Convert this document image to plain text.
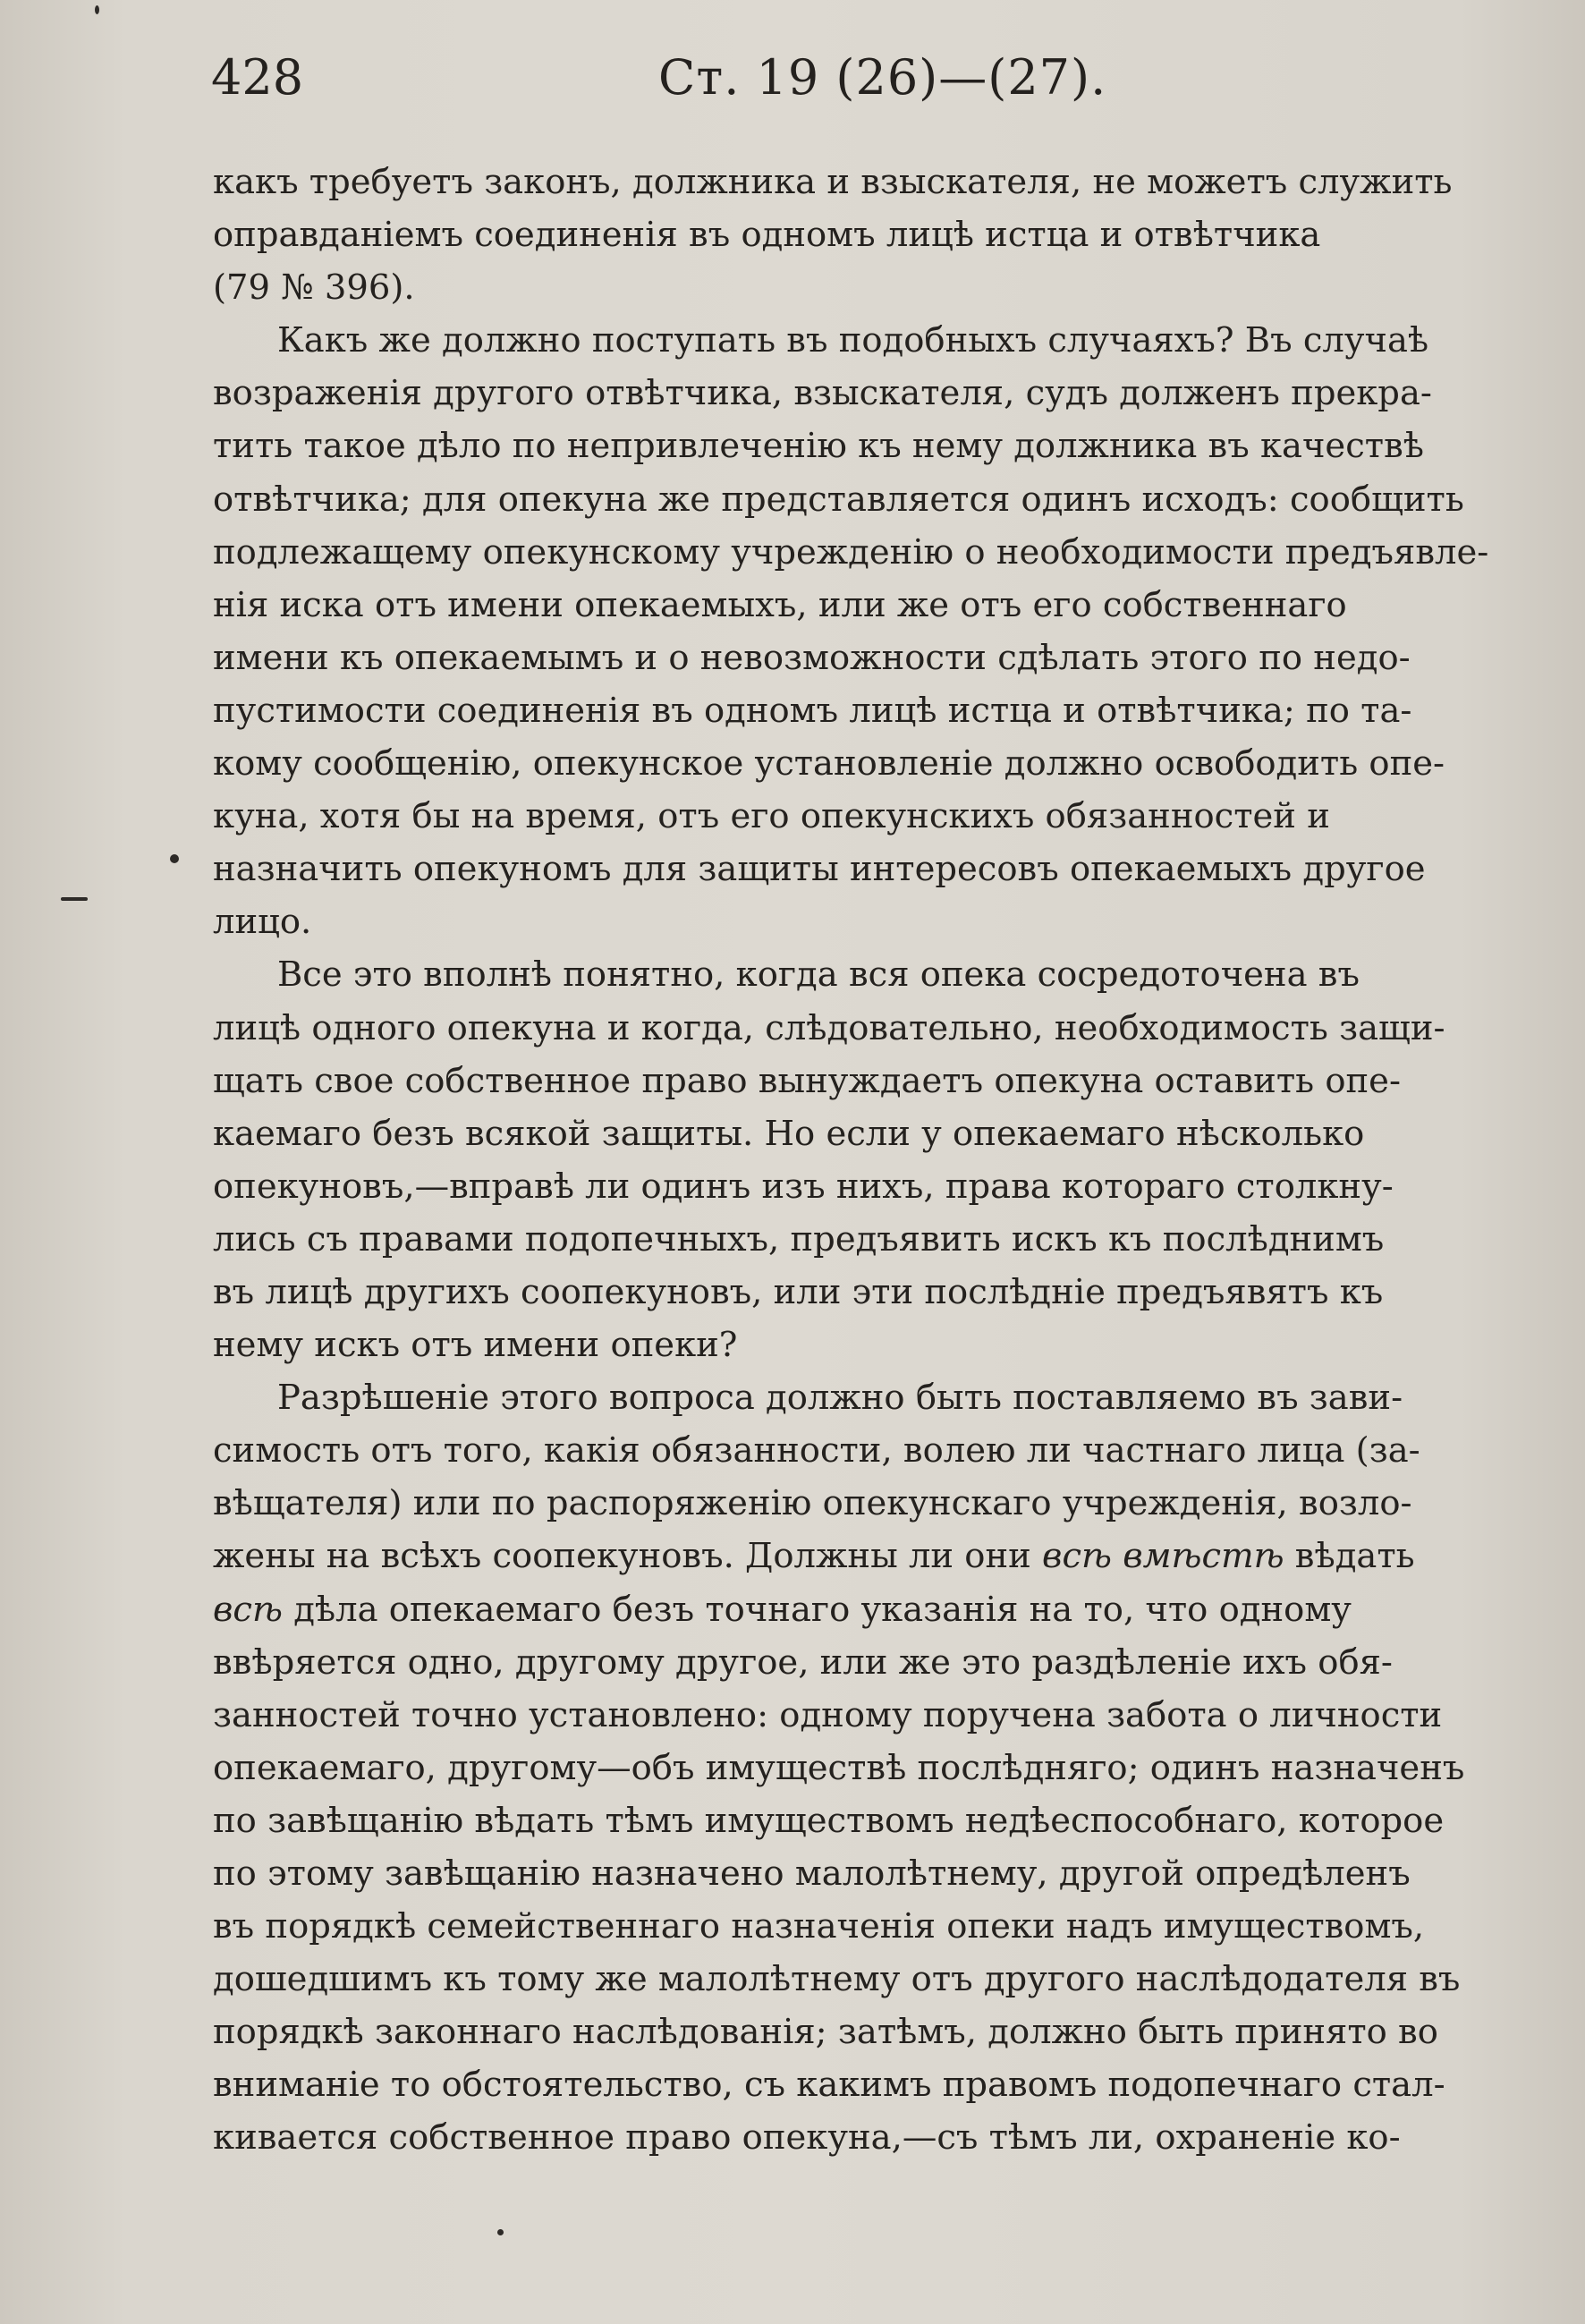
428	Ст. 19 (26)—(27).

какъ требуетъ законъ, должника и взыскателя, не можетъ служить
оправданіемъ соединенія въ одномъ лицѣ истца и отвѣтчика
(79 № 396).

Какъ же должно поступать въ подобныхъ случаяхъ? Въ случаѣ
возраженія другого отвѣтчика, взыскателя, судъ долженъ прекра-
тить такое дѣло по непривлеченію къ нему должника въ качествѣ
отвѣтчика; для опекуна же представляется одинъ исходъ: сообщить
подлежащему опекунскому учрежденію о необходимости предъявле-
нія иска отъ имени опекаемыхъ, или же отъ его собственнаго
имени къ опекаемымъ и о невозможности сдѣлать этого по недо-
пустимости соединенія въ одномъ лицѣ истца и отвѣтчика; по та-
кому сообщенію, опекунское установленіе должно освободить опе-
куна, хотя бы на время, отъ его опекунскихъ обязанностей и
назначить опекуномъ для защиты интересовъ опекаемыхъ другое
лицо.

Все это вполнѣ понятно, когда вся опека сосредоточена въ
лицѣ одного опекуна и когда, слѣдовательно, необходимость защи-
щать свое собственное право вынуждаетъ опекуна оставить опе-
каемаго безъ всякой защиты. Но если у опекаемаго нѣсколько
опекуновъ,—вправѣ ли одинъ изъ нихъ, права котораго столкну-
лись съ правами подопечныхъ, предъявить искъ къ послѣднимъ
въ лицѣ другихъ соопекуновъ, или эти послѣдніе предъявятъ къ
нему искъ отъ имени опеки?

Разрѣшеніе этого вопроса должно быть поставляемо въ зави-
симость отъ того, какія обязанности, волею ли частнаго лица (за-
вѣщателя) или по распоряженію опекунскаго учрежденія, возло-
жены на всѣхъ соопекуновъ. Должны ли они всѣ вмѣстѣ вѣдать
всѣ дѣла опекаемаго безъ точнаго указанія на то, что одному
ввѣряется одно, другому другое, или же это раздѣленіе ихъ обя-
занностей точно установлено: одному поручена забота о личности
опекаемаго, другому—объ имуществѣ послѣдняго; одинъ назначенъ
по завѣщанію вѣдать тѣмъ имуществомъ недѣеспособнаго, которое
по этому завѣщанію назначено малолѣтнему, другой опредѣленъ
въ порядкѣ семейственнаго назначенія опеки надъ имуществомъ,
дошедшимъ къ тому же малолѣтнему отъ другого наслѣдодателя въ
порядкѣ законнаго наслѣдованія; затѣмъ, должно быть принято во
вниманіе то обстоятельство, съ какимъ правомъ подопечнаго стал-
кивается собственное право опекуна,—съ тѣмъ ли, охраненіе ко-
